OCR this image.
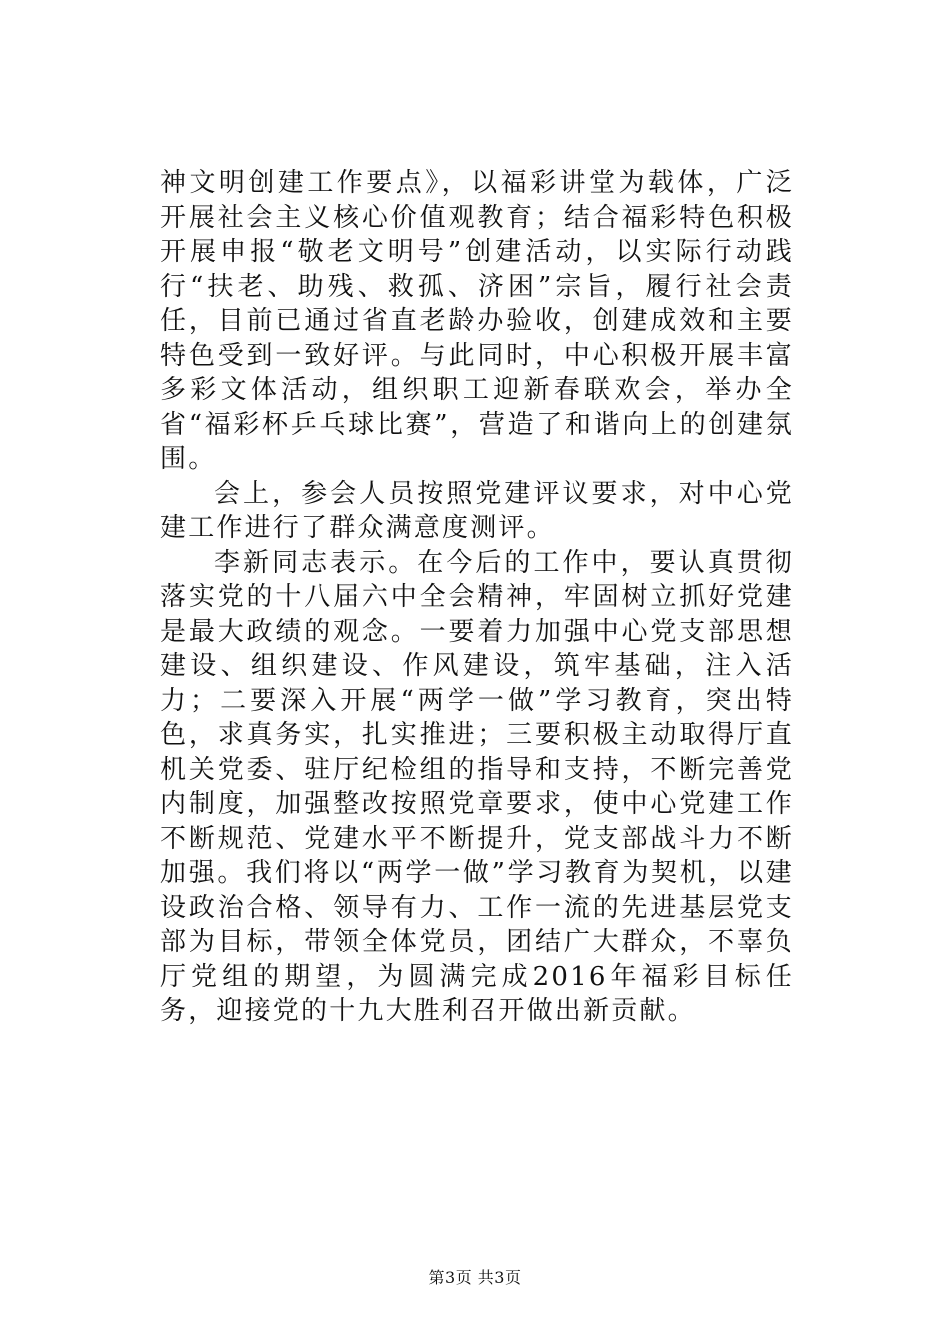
神文明创建工作要点》，以福彩讲堂为载体，广泛开展社会主义核心价值观教育；结合福彩特色积极开展申报“敬老文明号”创建活动，以实际行动践行“扶老、助残、救孤、济困”宗旨，履行社会责任，目前已通过省直老龄办验收，创建成效和主要特色受到一致好评。与此同时，中心积极开展丰富多彩文体活动，组织职工迎新春联欢会，举办全省“福彩杯乒乓球比赛”，营造了和谐向上的创建氛围。

会上，参会人员按照党建评议要求，对中心党建工作进行了群众满意度测评。

李新同志表示。在今后的工作中，要认真贯彻落实党的十八届六中全会精神，牢固树立抓好党建是最大政绩的观念。一要着力加强中心党支部思想建设、组织建设、作风建设，筑牢基础，注入活力；二要深入开展“两学一做”学习教育，突出特色，求真务实，扎实推进；三要积极主动取得厅直机关党委、驻厅纪检组的指导和支持，不断完善党内制度，加强整改按照党章要求，使中心党建工作不断规范、党建水平不断提升，党支部战斗力不断加强。我们将以“两学一做”学习教育为契机，以建设政治合格、领导有力、工作一流的先进基层党支部为目标，带领全体党员，团结广大群众，不辜负厅党组的期望，为圆满完成2016年福彩目标任务，迎接党的十九大胜利召开做出新贡献。

第3页 共3页
